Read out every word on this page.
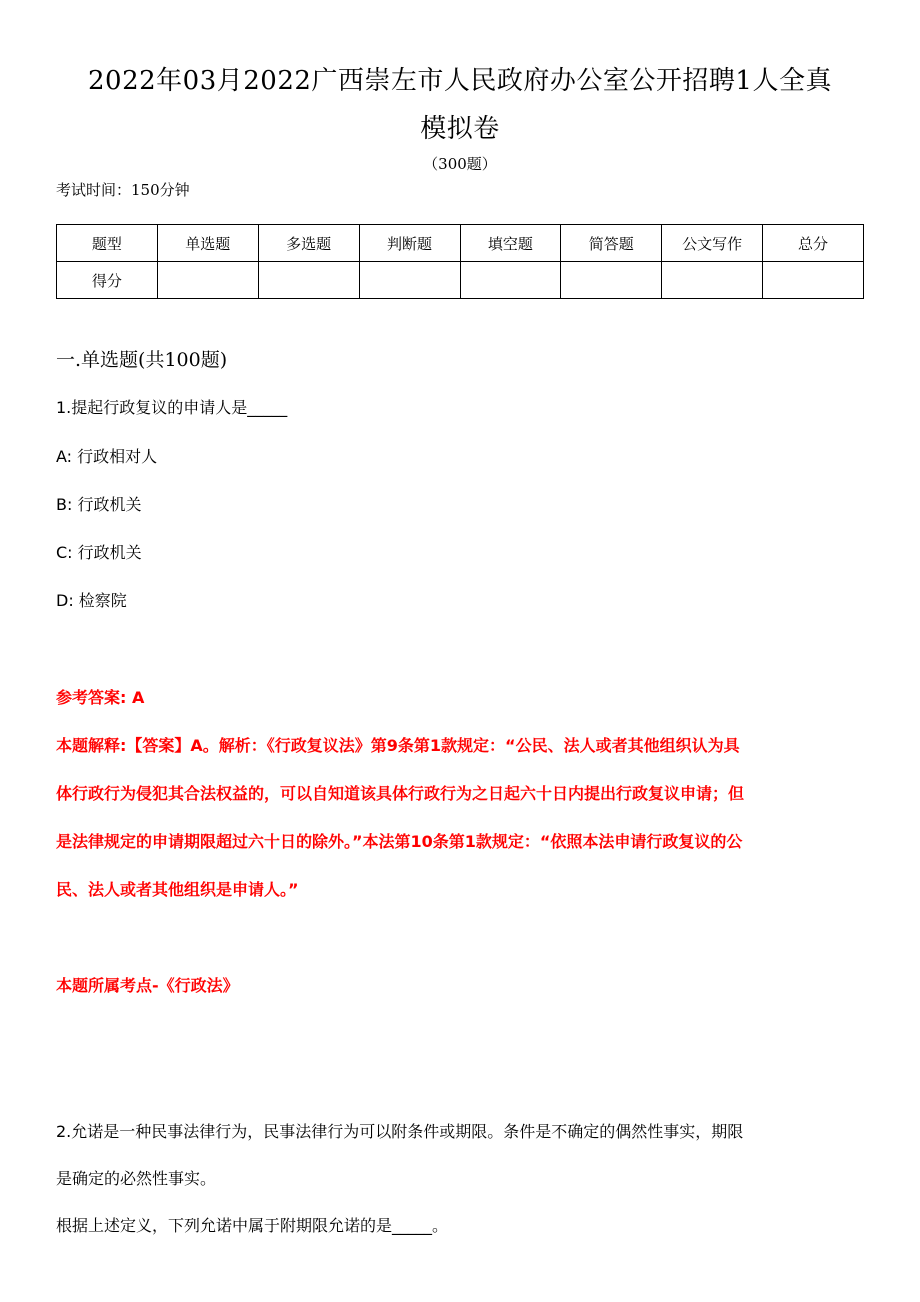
2022年03月2022广西崇左市人民政府办公室公开招聘1人全真
模拟卷
（300题）
考试时间：150分钟
题型	单选题	多选题	判断题	填空题	简答题	公文写作	总分
得分							
一.单选题(共100题)
1.提起行政复议的申请人是_____
A: 行政相对人
B: 行政机关
C: 行政机关
D: 检察院
参考答案: A
本题解释:【答案】A。解析：《行政复议法》第9条第1款规定：“公民、法人或者其他组织认为具
体行政行为侵犯其合法权益的，可以自知道该具体行政行为之日起六十日内提出行政复议申请；但
是法律规定的申请期限超过六十日的除外。”本法第10条第1款规定：“依照本法申请行政复议的公
民、法人或者其他组织是申请人。”
本题所属考点-《行政法》
2.允诺是一种民事法律行为，民事法律行为可以附条件或期限。条件是不确定的偶然性事实，期限
是确定的必然性事实。
根据上述定义，下列允诺中属于附期限允诺的是_____。
